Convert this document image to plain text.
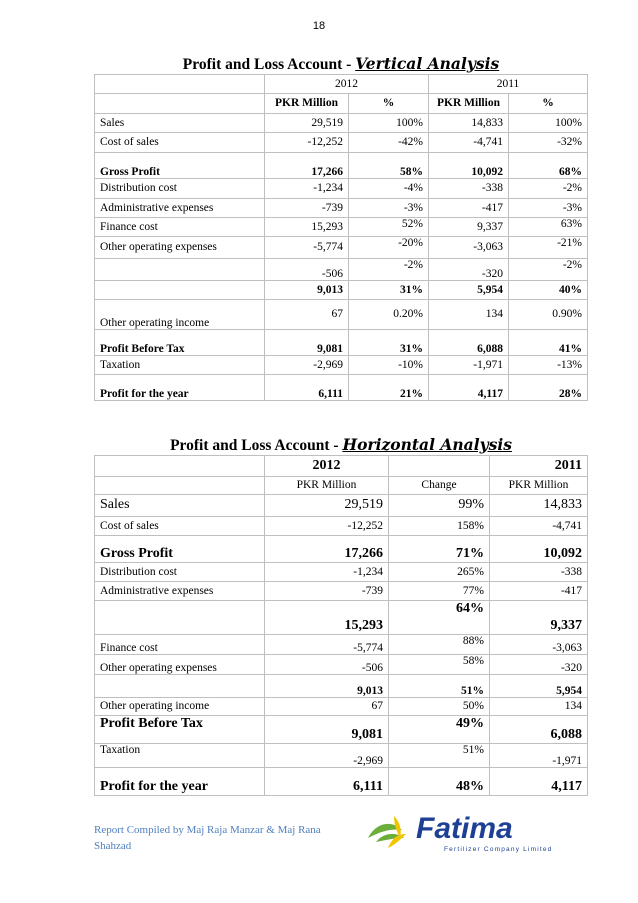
18
Profit and Loss Account - Vertical Analysis				
	2012		2011	
	PKR Million	%	PKR Million	%
Sales	29,519	100%	14,833	100%
Cost of sales	-12,252	-42%	-4,741	-32%
Gross Profit	17,266	58%	10,092	68%
Distribution cost	-1,234	-4%	-338	-2%
Administrative expenses	-739	-3%	-417	-3%
Finance cost	15,293	52%	9,337	63%
Other operating expenses	-5,774	-20%	-3,063	-21%
	-506	-2%	-320	-2%
	9,013	31%	5,954	40%
Other operating income	67	0.20%	134	0.90%
Profit Before Tax	9,081	31%	6,088	41%
Taxation	-2,969	-10%	-1,971	-13%
Profit for the year	6,111	21%	4,117	28%
Profit and Loss Account - Horizontal Analysis			
	2012		2011
	PKR Million	Change	PKR Million
Sales	29,519	99%	14,833
Cost of sales	-12,252	158%	-4,741
Gross Profit	17,266	71%	10,092
Distribution cost	-1,234	265%	-338
Administrative expenses	-739	77%	-417
	15,293	64%	9,337
Finance cost	-5,774	88%	-3,063
Other operating expenses	-506	58%	-320
	9,013	51%	5,954
Other operating income	67	50%	134
Profit Before Tax	9,081	49%	6,088
Taxation	-2,969	51%	-1,971
Profit for the year	6,111	48%	4,117
Report Compiled by Maj Raja Manzar & Maj Rana Shahzad
Fatima
Fertilizer Company Limited
